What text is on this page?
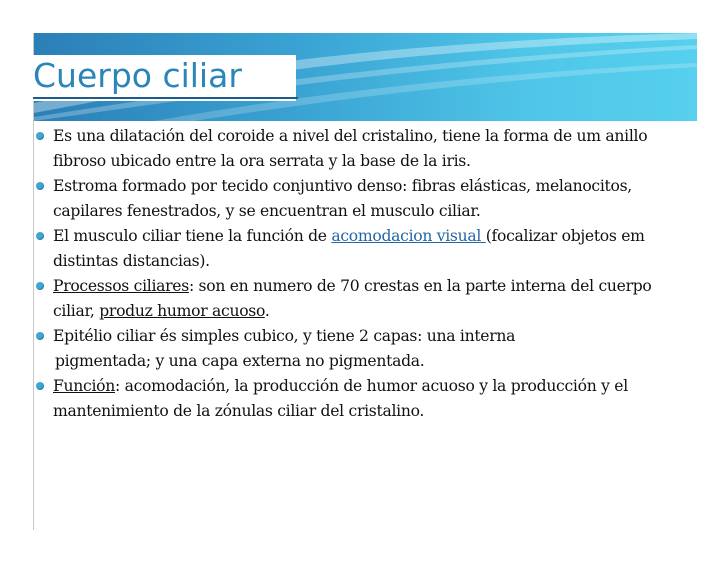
Cuerpo ciliar
Es una dilatación del coroide a nivel del cristalino, tiene la forma de um anillo fibroso ubicado entre la ora serrata y la base de la iris.
Estroma formado por tecido conjuntivo denso: fibras elásticas, melanocitos, capilares fenestrados, y se encuentran el musculo ciliar.
El musculo ciliar tiene la función de acomodacion visual (focalizar objetos em distintas distancias).
Processos ciliares: son en numero de 70 crestas en la parte interna del cuerpo ciliar, produz humor acuoso.
Epitélio ciliar és simples cubico, y tiene 2 capas: una interna
pigmentada; y una capa externa no pigmentada.
Función: acomodación, la producción de humor acuoso y la producción y el mantenimiento de la zónulas ciliar del cristalino.
